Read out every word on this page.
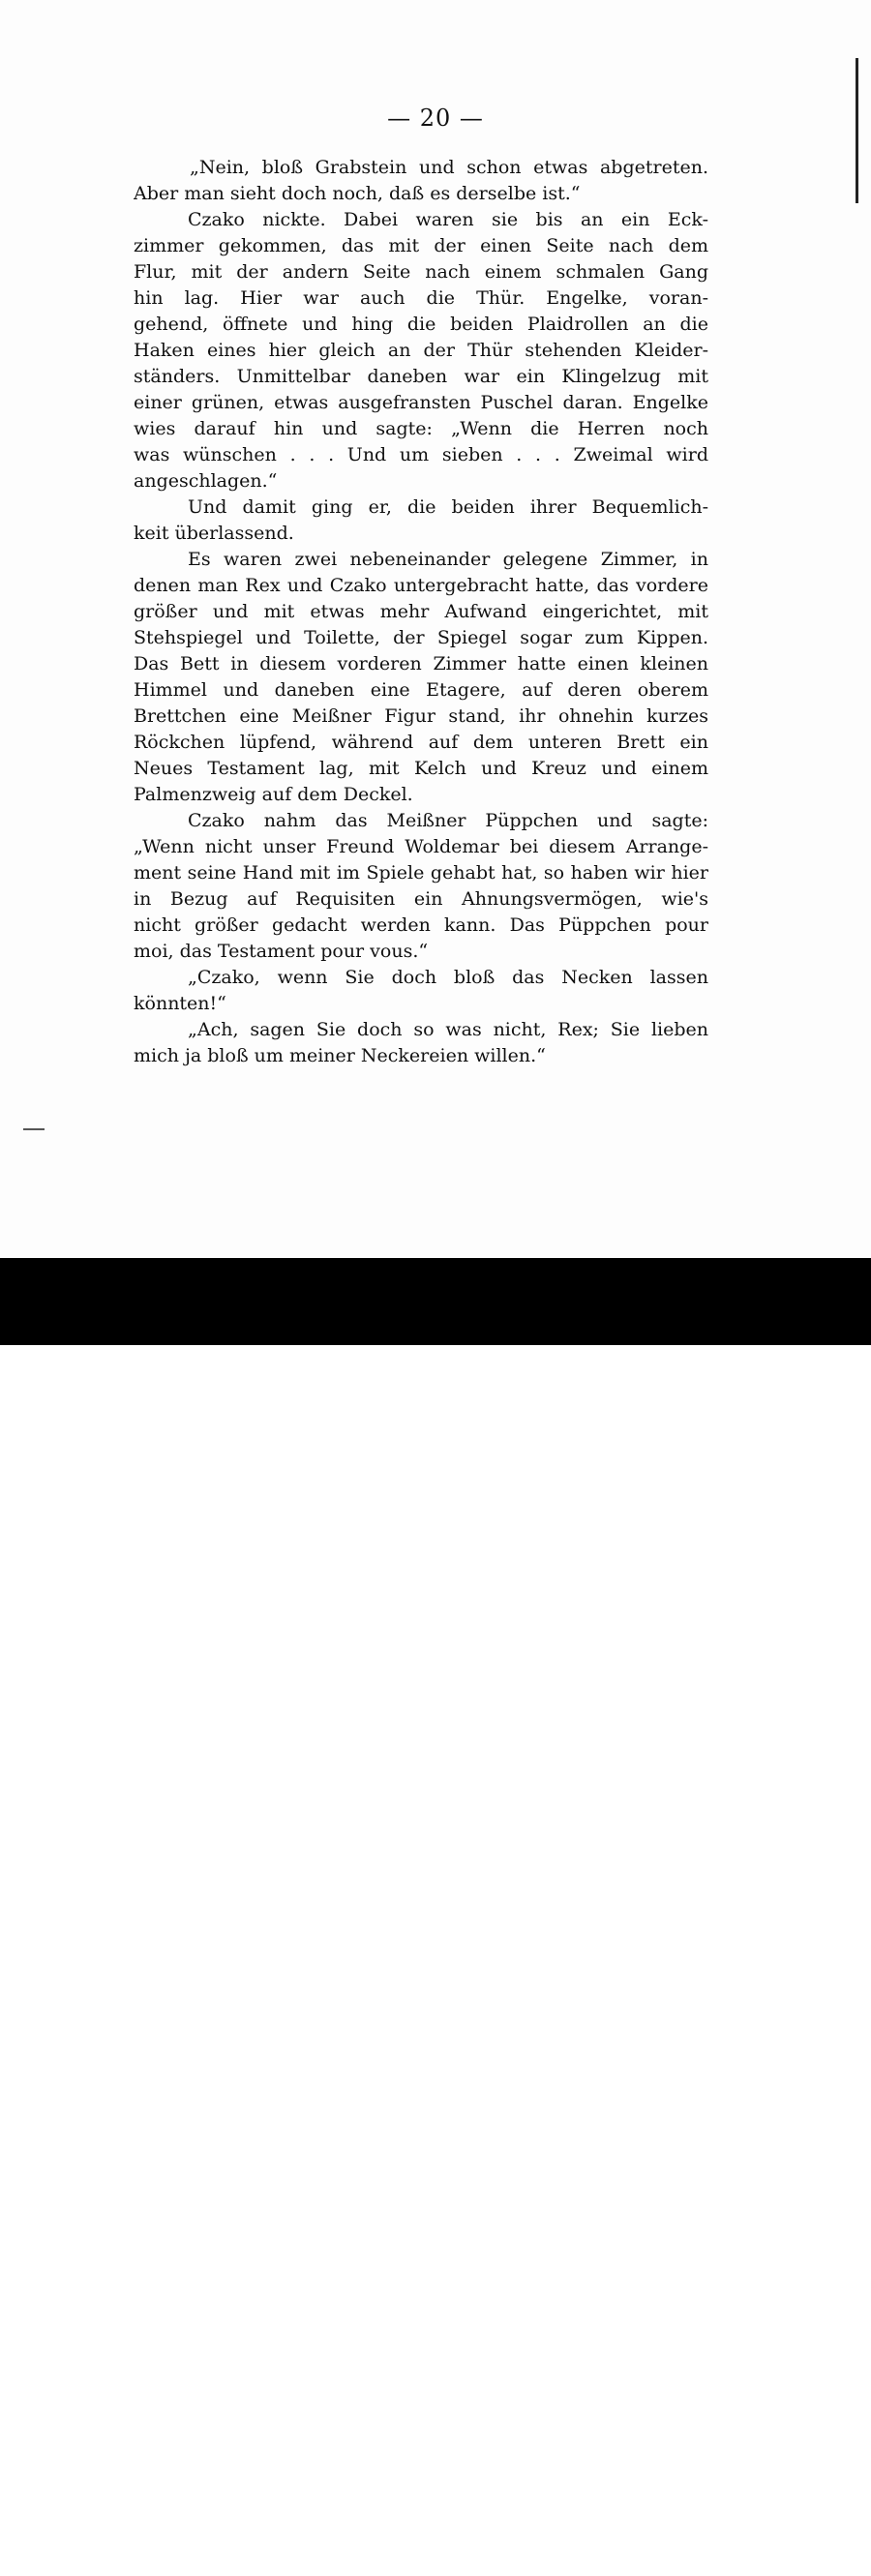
— 20 —
„Nein, bloß Grabstein und schon etwas abgetreten.
Aber man sieht doch noch, daß es derselbe ist.“
Czako nickte. Dabei waren sie bis an ein Eck-
zimmer gekommen, das mit der einen Seite nach dem
Flur, mit der andern Seite nach einem schmalen Gang
hin lag. Hier war auch die Thür. Engelke, voran-
gehend, öffnete und hing die beiden Plaidrollen an die
Haken eines hier gleich an der Thür stehenden Kleider-
ständers. Unmittelbar daneben war ein Klingelzug mit
einer grünen, etwas ausgefransten Puschel daran. Engelke
wies darauf hin und sagte: „Wenn die Herren noch
was wünschen . . . Und um sieben . . . Zweimal wird
angeschlagen.“
Und damit ging er, die beiden ihrer Bequemlich-
keit überlassend.
Es waren zwei nebeneinander gelegene Zimmer, in
denen man Rex und Czako untergebracht hatte, das vordere
größer und mit etwas mehr Aufwand eingerichtet, mit
Stehspiegel und Toilette, der Spiegel sogar zum Kippen.
Das Bett in diesem vorderen Zimmer hatte einen kleinen
Himmel und daneben eine Etagere, auf deren oberem
Brettchen eine Meißner Figur stand, ihr ohnehin kurzes
Röckchen lüpfend, während auf dem unteren Brett ein
Neues Testament lag, mit Kelch und Kreuz und einem
Palmenzweig auf dem Deckel.
Czako nahm das Meißner Püppchen und sagte:
„Wenn nicht unser Freund Woldemar bei diesem Arrange-
ment seine Hand mit im Spiele gehabt hat, so haben wir hier
in Bezug auf Requisiten ein Ahnungsvermögen, wie's
nicht größer gedacht werden kann. Das Püppchen pour
moi, das Testament pour vous.“
„Czako, wenn Sie doch bloß das Necken lassen
könnten!“
„Ach, sagen Sie doch so was nicht, Rex; Sie lieben
mich ja bloß um meiner Neckereien willen.“
alamy	Image ID: W8BJPA
www.alamy.com
